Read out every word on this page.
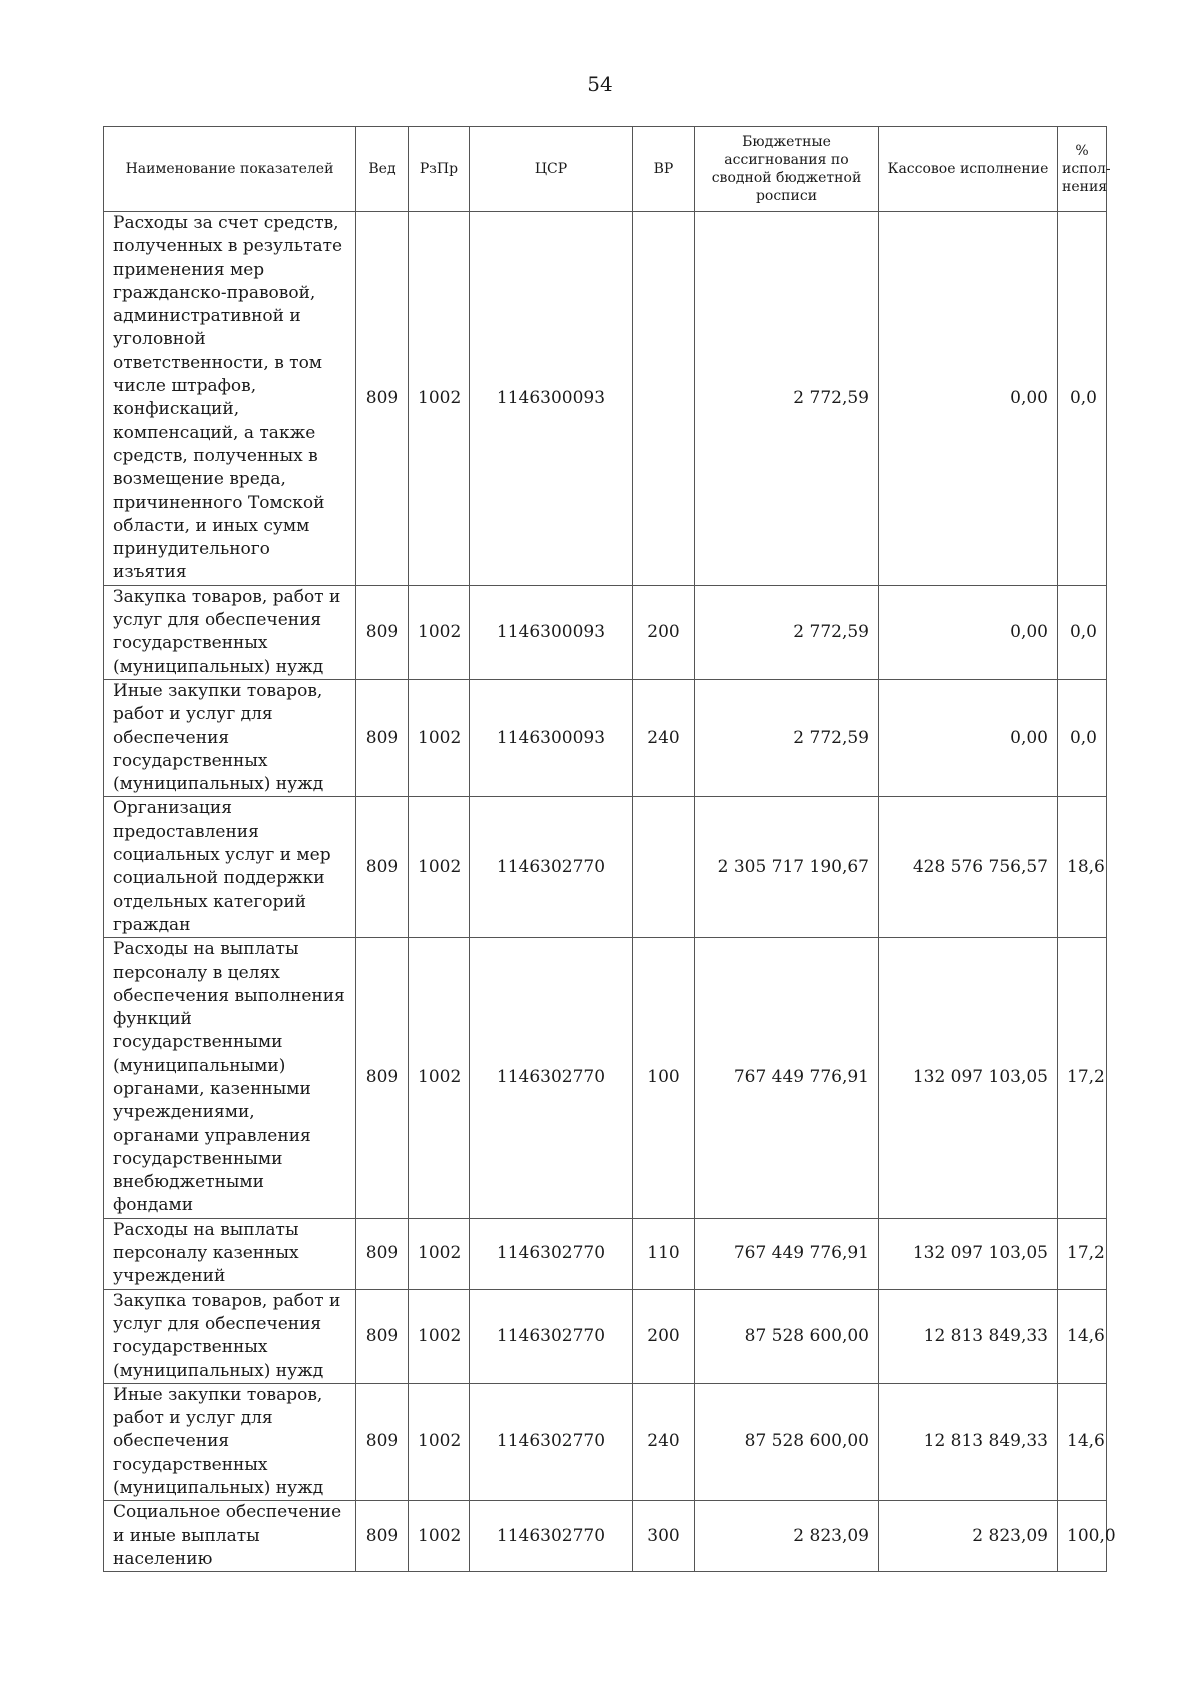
54
Наименование показателей	Вед	РзПр	ЦСР	ВР	Бюджетные ассигнования по сводной бюджетной росписи	Кассовое исполнение	% испол-нения
Расходы за счет средств, полученных в результате применения мер гражданско-правовой, административной и уголовной ответственности, в том числе штрафов, конфискаций, компенсаций, а также средств, полученных в возмещение вреда, причиненного Томской области, и иных сумм принудительного изъятия	809	1002	1146300093		2 772,59	0,00	0,0
Закупка товаров, работ и услуг для обеспечения государственных (муниципальных) нужд	809	1002	1146300093	200	2 772,59	0,00	0,0
Иные закупки товаров, работ и услуг для обеспечения государственных (муниципальных) нужд	809	1002	1146300093	240	2 772,59	0,00	0,0
Организация предоставления социальных услуг и мер социальной поддержки отдельных категорий граждан	809	1002	1146302770		2 305 717 190,67	428 576 756,57	18,6
Расходы на выплаты персоналу в целях обеспечения выполнения функций государственными (муниципальными) органами, казенными учреждениями, органами управления государственными внебюджетными фондами	809	1002	1146302770	100	767 449 776,91	132 097 103,05	17,2
Расходы на выплаты персоналу казенных учреждений	809	1002	1146302770	110	767 449 776,91	132 097 103,05	17,2
Закупка товаров, работ и услуг для обеспечения государственных (муниципальных) нужд	809	1002	1146302770	200	87 528 600,00	12 813 849,33	14,6
Иные закупки товаров, работ и услуг для обеспечения государственных (муниципальных) нужд	809	1002	1146302770	240	87 528 600,00	12 813 849,33	14,6
Социальное обеспечение и иные выплаты населению	809	1002	1146302770	300	2 823,09	2 823,09	100,0
